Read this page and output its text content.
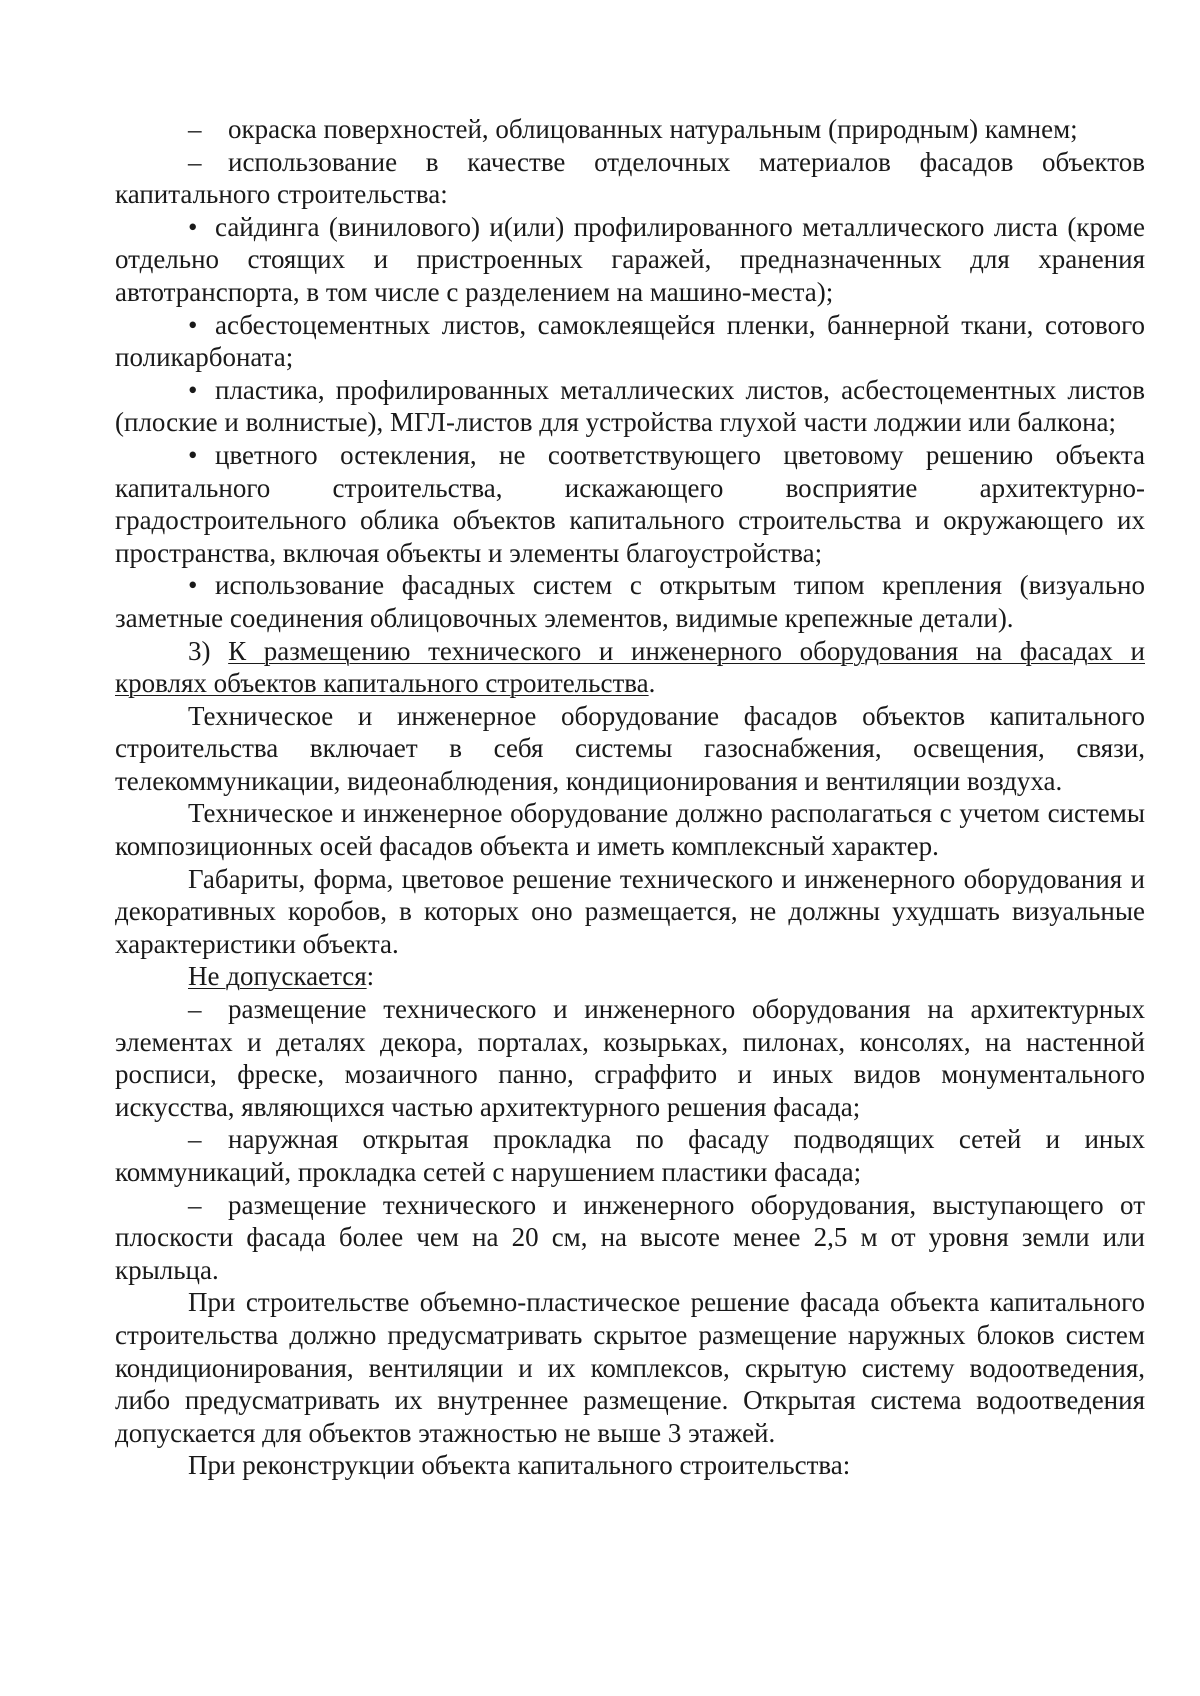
– окраска поверхностей, облицованных натуральным (природным) камнем;

– использование в качестве отделочных материалов фасадов объектов капитального строительства:

• сайдинга (винилового) и(или) профилированного металлического листа (кроме отдельно стоящих и пристроенных гаражей, предназначенных для хранения автотранспорта, в том числе с разделением на машино-места);

• асбестоцементных листов, самоклеящейся пленки, баннерной ткани, сотового поликарбоната;

• пластика, профилированных металлических листов, асбестоцементных листов (плоские и волнистые), МГЛ-листов для устройства глухой части лоджии или балкона;

• цветного остекления, не соответствующего цветовому решению объекта капитального строительства, искажающего восприятие архитектурно-градостроительного облика объектов капитального строительства и окружающего их пространства, включая объекты и элементы благоустройства;

• использование фасадных систем с открытым типом крепления (визуально заметные соединения облицовочных элементов, видимые крепежные детали).

3) К размещению технического и инженерного оборудования на фасадах и кровлях объектов капитального строительства.

Техническое и инженерное оборудование фасадов объектов капитального строительства включает в себя системы газоснабжения, освещения, связи, телекоммуникации, видеонаблюдения, кондиционирования и вентиляции воздуха.

Техническое и инженерное оборудование должно располагаться с учетом системы композиционных осей фасадов объекта и иметь комплексный характер.

Габариты, форма, цветовое решение технического и инженерного оборудования и декоративных коробов, в которых оно размещается, не должны ухудшать визуальные характеристики объекта.

Не допускается:

– размещение технического и инженерного оборудования на архитектурных элементах и деталях декора, порталах, козырьках, пилонах, консолях, на настенной росписи, фреске, мозаичного панно, сграффито и иных видов монументального искусства, являющихся частью архитектурного решения фасада;

– наружная открытая прокладка по фасаду подводящих сетей и иных коммуникаций, прокладка сетей с нарушением пластики фасада;

– размещение технического и инженерного оборудования, выступающего от плоскости фасада более чем на 20 см, на высоте менее 2,5 м от уровня земли или крыльца.

При строительстве объемно-пластическое решение фасада объекта капитального строительства должно предусматривать скрытое размещение наружных блоков систем кондиционирования, вентиляции и их комплексов, скрытую систему водоотведения, либо предусматривать их внутреннее размещение. Открытая система водоотведения допускается для объектов этажностью не выше 3 этажей.

При реконструкции объекта капитального строительства:
